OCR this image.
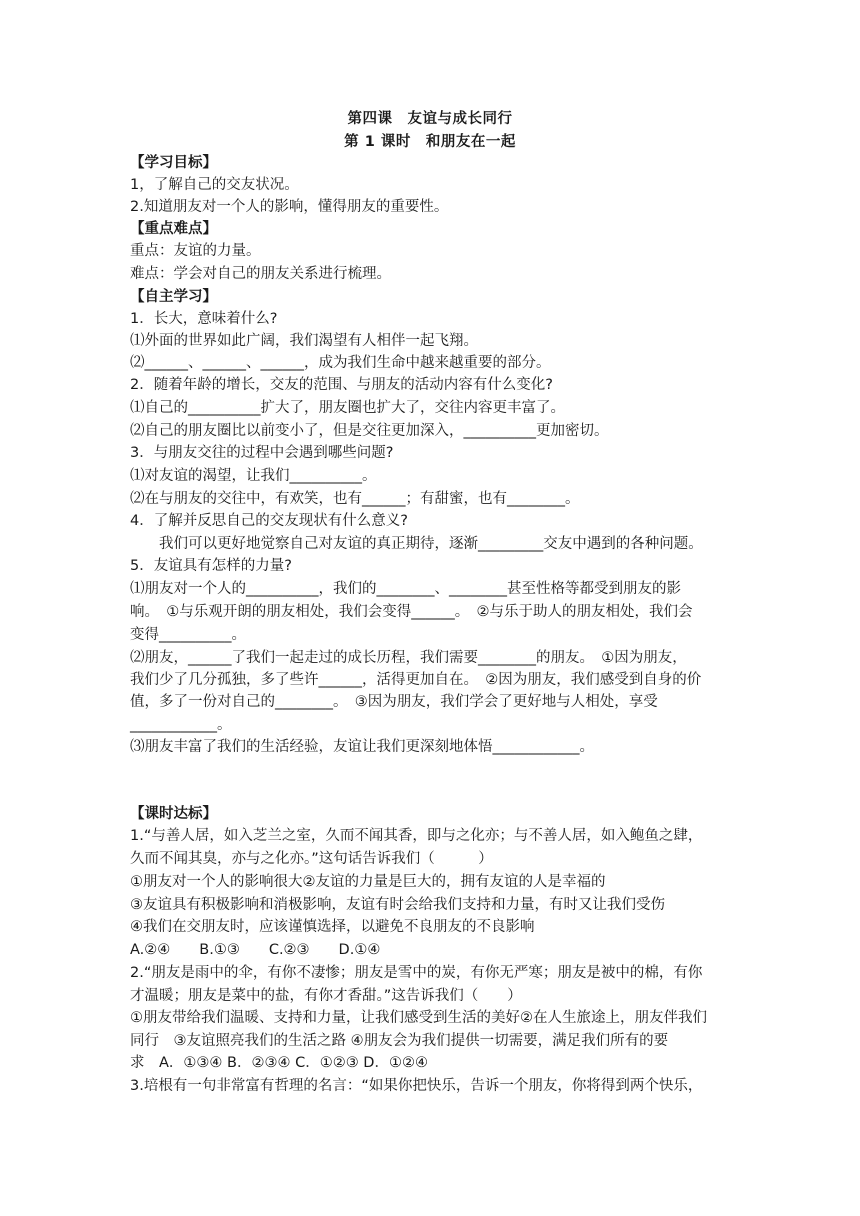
第四课　友谊与成长同行
第 1 课时　和朋友在一起
【学习目标】
1，了解自己的交友状况。
2.知道朋友对一个人的影响，懂得朋友的重要性。
【重点难点】
重点：友谊的力量。
难点：学会对自己的朋友关系进行梳理。
【自主学习】
1．长大，意味着什么?
⑴外面的世界如此广阔，我们渴望有人相伴一起飞翔。
⑵______、______、______，成为我们生命中越来越重要的部分。
2．随着年龄的增长，交友的范围、与朋友的活动内容有什么变化?
⑴自己的__________扩大了，朋友圈也扩大了，交往内容更丰富了。
⑵自己的朋友圈比以前变小了，但是交往更加深入，__________更加密切。
3．与朋友交往的过程中会遇到哪些问题?
⑴对友谊的渴望，让我们__________。
⑵在与朋友的交往中，有欢笑，也有______；有甜蜜，也有________。
4．了解并反思自己的交友现状有什么意义?
　　我们可以更好地觉察自己对友谊的真正期待，逐渐_________交友中遇到的各种问题。
5．友谊具有怎样的力量?
⑴朋友对一个人的__________，我们的________、________甚至性格等都受到朋友的影
响。　①与乐观开朗的朋友相处，我们会变得______。　②与乐于助人的朋友相处，我们会
变得__________。
⑵朋友，______了我们一起走过的成长历程，我们需要________的朋友。　①因为朋友，
我们少了几分孤独，多了些许______，活得更加自在。　②因为朋友，我们感受到自身的价
值，多了一份对自己的________。　③因为朋友，我们学会了更好地与人相处，享受
____________。
⑶朋友丰富了我们的生活经验，友谊让我们更深刻地体悟____________。
【课时达标】
1.“与善人居，如入芝兰之室，久而不闻其香，即与之化亦；与不善人居，如入鲍鱼之肆，
久而不闻其臭，亦与之化亦。”这句话告诉我们（　　　）
①朋友对一个人的影响很大②友谊的力量是巨大的，拥有友谊的人是幸福的
③友谊具有积极影响和消极影响，友谊有时会给我们支持和力量，有时又让我们受伤
④我们在交朋友时，应该谨慎选择，以避免不良朋友的不良影响
A.②④　　B.①③　　C.②③　　D.①④
2.“朋友是雨中的伞，有你不凄惨；朋友是雪中的炭，有你无严寒；朋友是被中的棉，有你
才温暖；朋友是菜中的盐，有你才香甜。”这告诉我们（　　）
①朋友带给我们温暖、支持和力量，让我们感受到生活的美好②在人生旅途上，朋友伴我们
同行　③友谊照亮我们的生活之路 ④朋友会为我们提供一切需要，满足我们所有的要
求　A．①③④ B．②③④ C．①②③ D．①②④
3.培根有一句非常富有哲理的名言：“如果你把快乐，告诉一个朋友，你将得到两个快乐，
